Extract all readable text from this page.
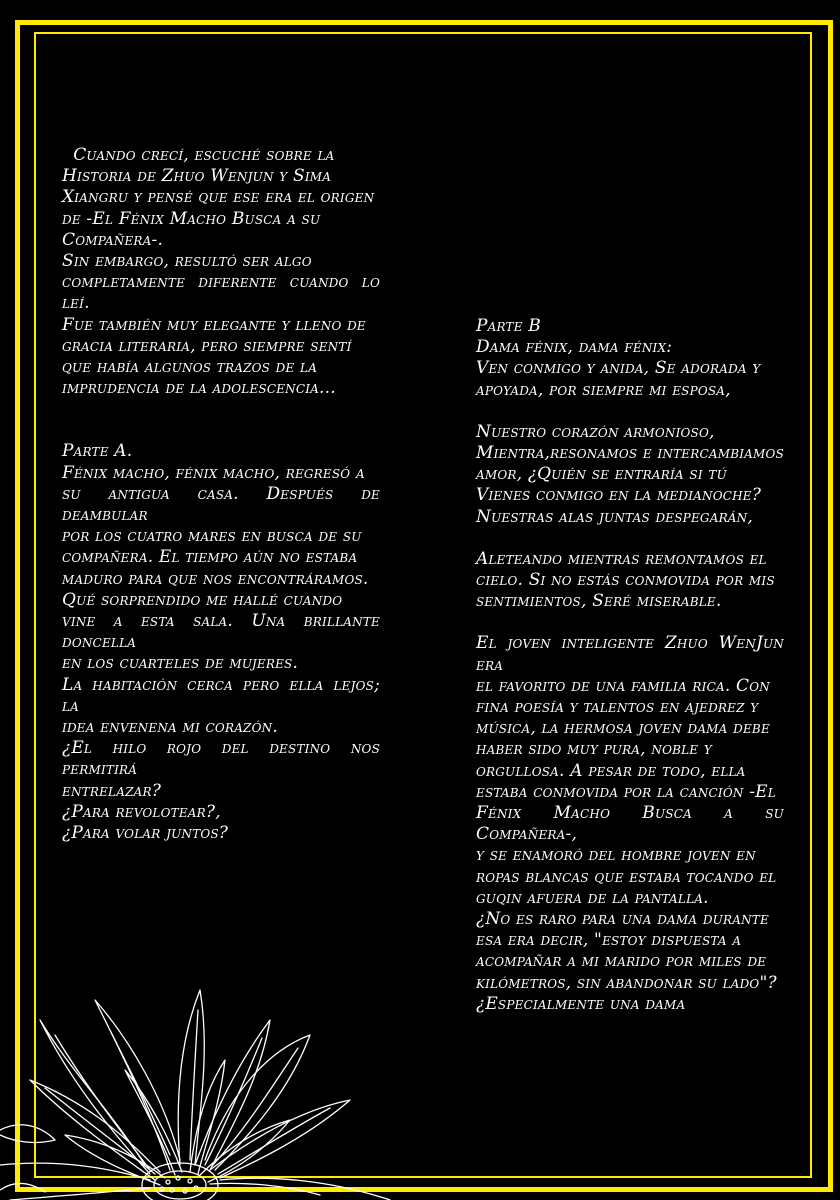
Cuando crecí, escuché sobre la
Historia de Zhuo Wenjun y Sima
Xiangru y pensé que ese era el origen
de -El Fénix Macho Busca a su
Compañera-.
Sin embargo, resultó ser algo
completamente diferente cuando lo leí.
Fue también muy elegante y lleno de
gracia literaria, pero siempre sentí
que había algunos trazos de la
imprudencia de la adolescencia...

Parte A.
Fénix macho, fénix macho, regresó a
su antigua casa. Después de deambular
por los cuatro mares en busca de su
compañera. El tiempo aún no estaba
maduro para que nos encontráramos.
Qué sorprendido me hallé cuando
vine a esta sala. Una brillante doncella
en los cuarteles de mujeres.
La habitación cerca pero ella lejos; la
idea envenena mi corazón.
¿El hilo rojo del destino nos permitirá
entrelazar?
¿Para revolotear?,
¿Para volar juntos?

Parte B
Dama fénix, dama fénix:
Ven conmigo y anida, Se adorada y
apoyada, por siempre mi esposa,

Nuestro corazón armonioso,
Mientra,resonamos e intercambiamos
amor, ¿Quién se entraría si tú
Vienes conmigo en la medianoche?
Nuestras alas juntas despegarán,

Aleteando mientras remontamos el
cielo. Si no estás conmovida por mis
sentimientos, Seré miserable.

El joven inteligente Zhuo WenJun era
el favorito de una familia rica. Con
fina poesía y talentos en ajedrez y
música, la hermosa joven dama debe
haber sido muy pura, noble y
orgullosa. A pesar de todo, ella
estaba conmovida por la canción -El
Fénix Macho Busca a su Compañera-,
y se enamoró del hombre joven en
ropas blancas que estaba tocando el
guqin afuera de la pantalla.
¿No es raro para una dama durante
esa era decir, "estoy dispuesta a
acompañar a mi marido por miles de
kilómetros, sin abandonar su lado"?
¿Especialmente una dama
